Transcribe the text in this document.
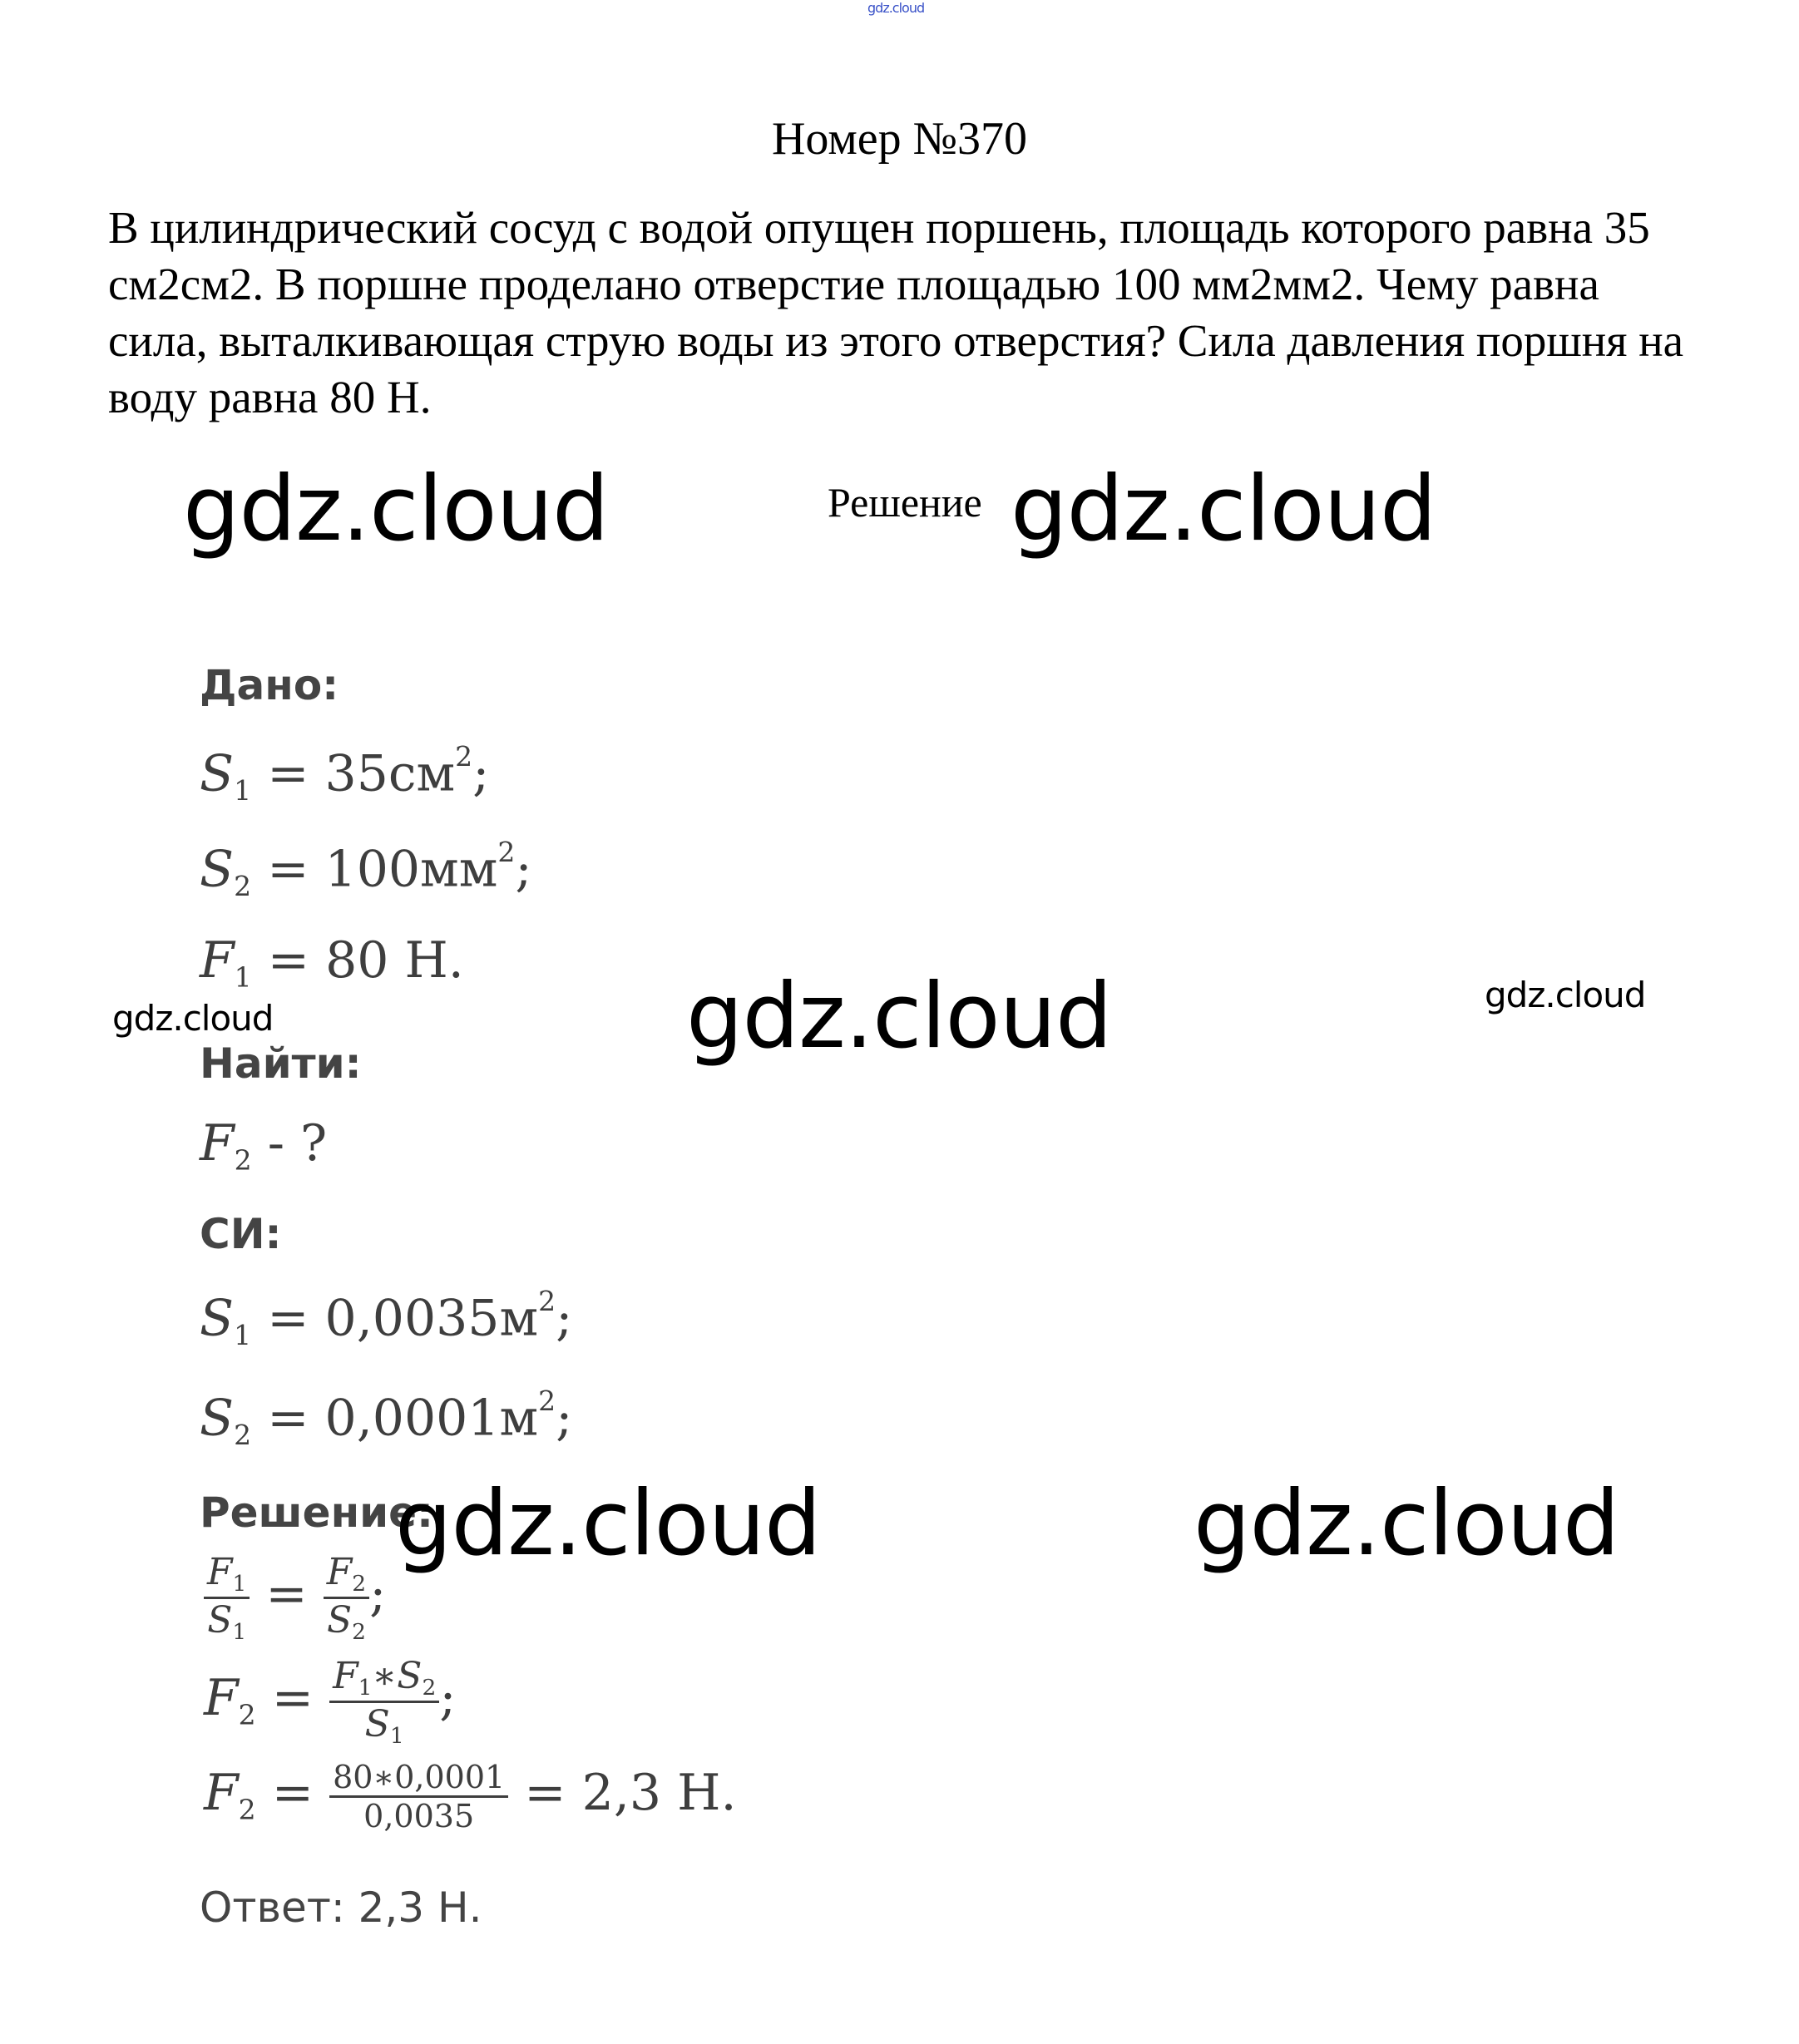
gdz.cloud
Номер №370
В цилиндрический сосуд с водой опущен поршень, площадь которого равна 35 см2см2. В поршне проделано отверстие площадью 100 мм2мм2. Чему равна сила, выталкивающая струю воды из этого отверстия? Сила давления поршня на воду равна 80 Н.
Решение
gdz.cloud	gdz.cloud
Дано:
$S_1 = 35см^2$;
$S_2 = 100мм^2$;
$F_1 = 80$ Н.
gdz.cloud	gdz.cloud	gdz.cloud
Найти:
$F_2$ - ?
СИ:
$S_1 = 0,0035м^2$;
$S_2 = 0,0001м^2$;
Решение:
gdz.cloud	gdz.cloud
$\frac{F_1}{S_1} = \frac{F_2}{S_2}$ ;
$F_2 = \frac{F_1∗S_2}{S_1}$ ;
$F_2 = \frac{80∗0,0001}{0,0035} = 2,3$ Н.
Ответ: 2,3 Н.
